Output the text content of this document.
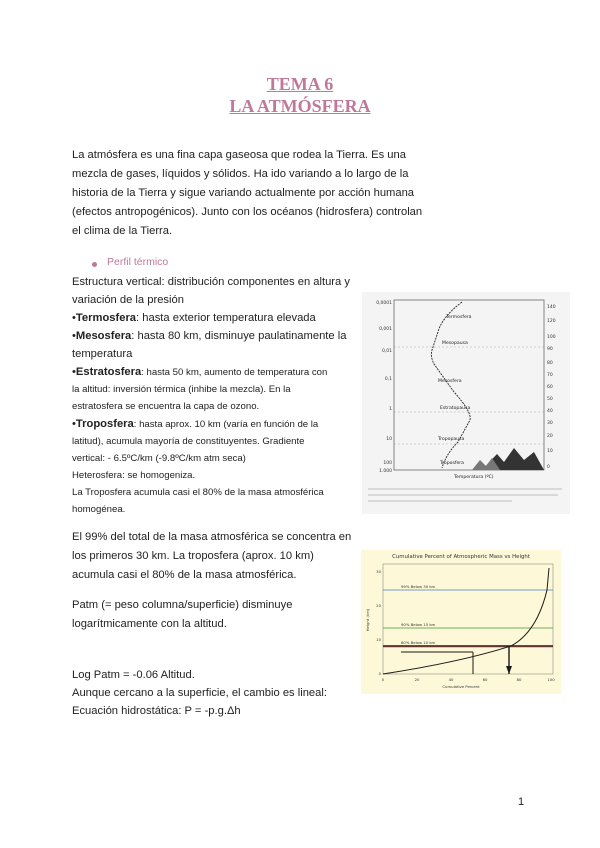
TEMA 6
LA ATMÓSFERA
La atmósfera es una fina capa gaseosa que rodea la Tierra. Es una
mezcla de gases, líquidos y sólidos. Ha ido variando a lo largo de la
historia de la Tierra y sigue variando actualmente por acción humana
(efectos antropogénicos). Junto con los océanos (hidrosfera) controlan
el clima de la Tierra.
Perfil térmico
Estructura vertical: distribución componentes en altura y
variación de la presión
•Termosfera: hasta exterior temperatura elevada
•Mesosfera: hasta 80 km, disminuye paulatinamente la
temperatura
•Estratosfera: hasta 50 km, aumento de temperatura con
la altitud: inversión térmica (inhibe la mezcla). En la
estratosfera se encuentra la capa de ozono.
•Troposfera: hasta aprox. 10 km (varía en función de la
latitud), acumula mayoría de constituyentes. Gradiente
vertical: - 6.5ºC/km (-9.8ºC/km atm seca)
Heterosfera: se homogeniza.
La Troposfera acumula casi el 80% de la masa atmosférica
homogénea.
El 99% del total de la masa atmosférica se concentra en
los primeros 30 km. La troposfera (aprox. 10 km)
acumula casi el 80% de la masa atmosférica.
Patm (= peso columna/superficie) disminuye
logarítmicamente con la altitud.
Log Patm = -0.06 Altitud.
Aunque cercano a la superficie, el cambio es lineal:
Ecuación hidrostática: P = -p.g.Δh
0,0001
0,001
0,01
0,1
1
10
100
1.000
140
120
100
90
80
70
60
50
40
30
20
10
0
Termosfera
Mesopausa
Mesosfera
Estratopausa
Tropopausa
Troposfera
Temperatura (ºC)
Cumulative Percent of Atmospheric Mass vs Height
99% Below 30 km
90% Below 15 km
80% Below 10 km
0	20	40	60	80	100
0
10
20
30
Cumulative Percent
Height (km)
1
